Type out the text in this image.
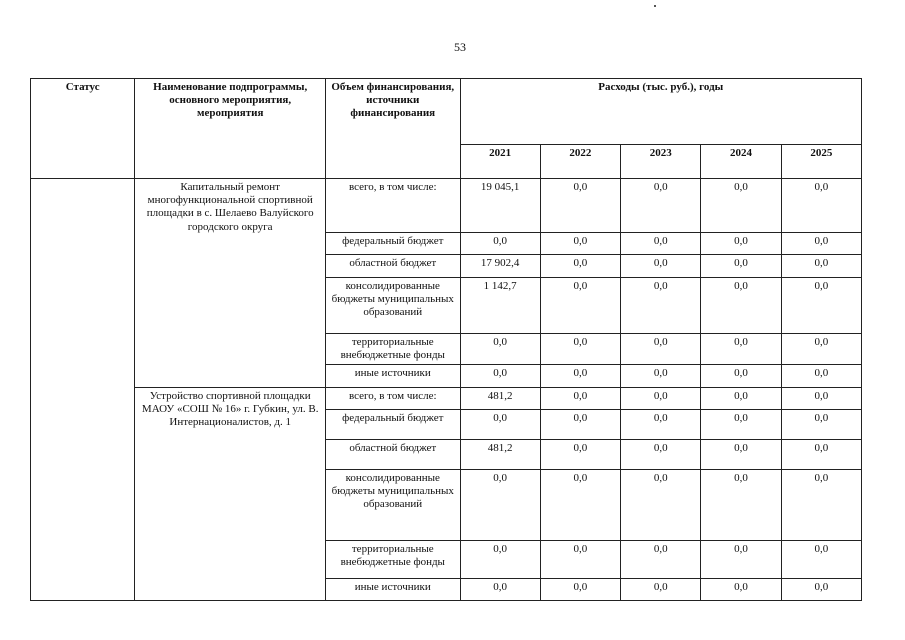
53
Статус	Наименование подпрограммы, основного мероприятия, мероприятия	Объем финансирования, источники финансирования	Расходы (тыс. руб.), годы				
			2021	2022	2023	2024	2025
	Капитальный ремонт многофункциональной спортивной площадки в с. Шелаево Валуйского городского округа	всего, в том числе:	19 045,1	0,0	0,0	0,0	0,0
		федеральный бюджет	0,0	0,0	0,0	0,0	0,0
		областной бюджет	17 902,4	0,0	0,0	0,0	0,0
		консолидированные бюджеты муниципальных образований	1 142,7	0,0	0,0	0,0	0,0
		территориальные внебюджетные фонды	0,0	0,0	0,0	0,0	0,0
		иные источники	0,0	0,0	0,0	0,0	0,0
	Устройство спортивной площадки МАОУ «СОШ № 16» г. Губкин, ул. В. Интернационалистов, д. 1	всего, в том числе:	481,2	0,0	0,0	0,0	0,0
		федеральный бюджет	0,0	0,0	0,0	0,0	0,0
		областной бюджет	481,2	0,0	0,0	0,0	0,0
		консолидированные бюджеты муниципальных образований	0,0	0,0	0,0	0,0	0,0
		территориальные внебюджетные фонды	0,0	0,0	0,0	0,0	0,0
		иные источники	0,0	0,0	0,0	0,0	0,0
